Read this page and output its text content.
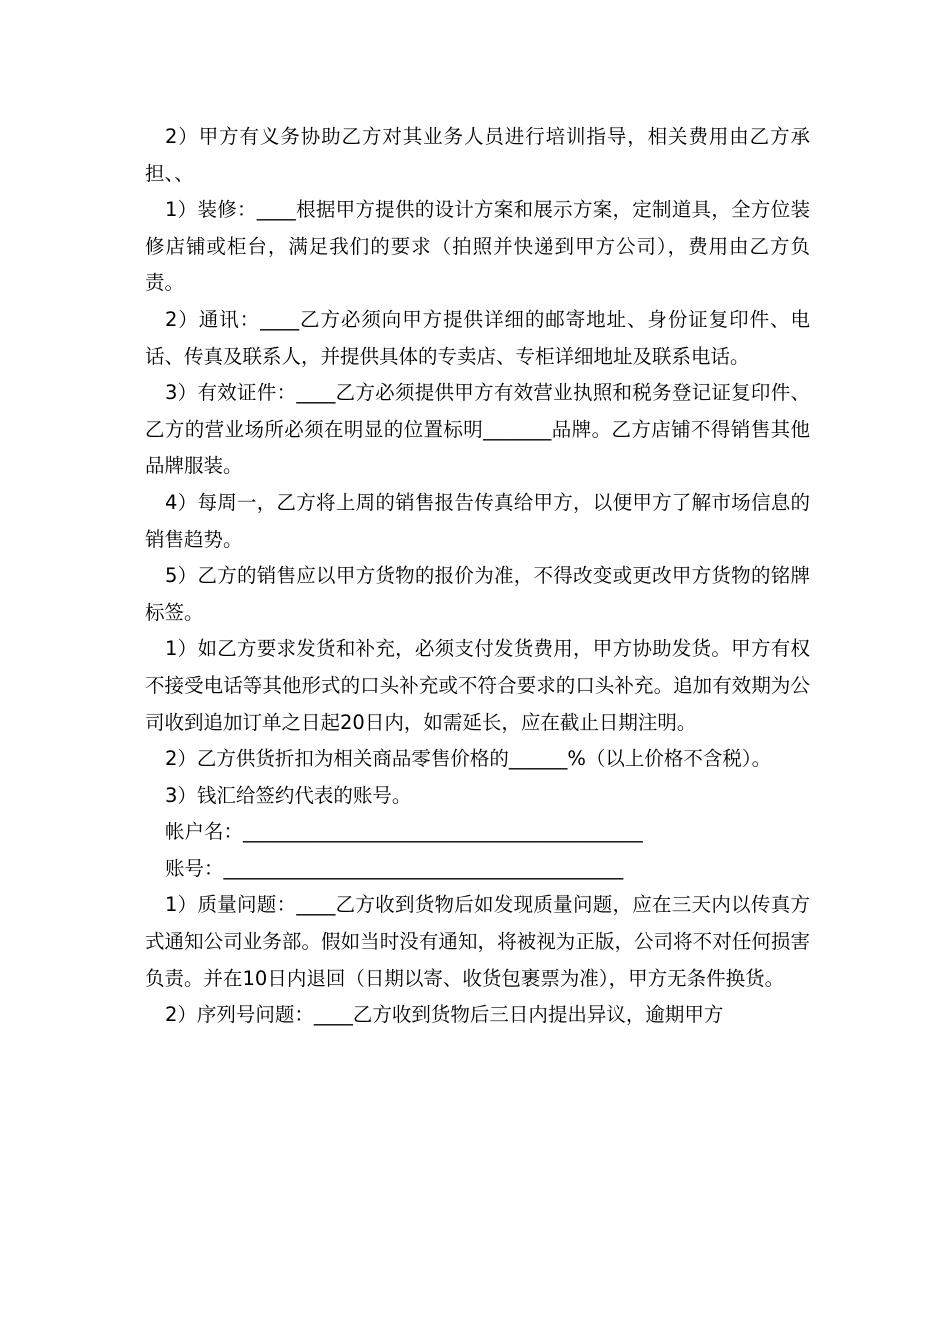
2）甲方有义务协助乙方对其业务人员进行培训指导，相关费用由乙方承担、、

1）装修：____根据甲方提供的设计方案和展示方案，定制道具，全方位装修店铺或柜台，满足我们的要求（拍照并快递到甲方公司），费用由乙方负责。

2）通讯：____乙方必须向甲方提供详细的邮寄地址、身份证复印件、电话、传真及联系人，并提供具体的专卖店、专柜详细地址及联系电话。

3）有效证件：____乙方必须提供甲方有效营业执照和税务登记证复印件、乙方的营业场所必须在明显的位置标明_______品牌。乙方店铺不得销售其他品牌服装。

4）每周一，乙方将上周的销售报告传真给甲方，以便甲方了解市场信息的销售趋势。

5）乙方的销售应以甲方货物的报价为准，不得改变或更改甲方货物的铭牌标签。

1）如乙方要求发货和补充，必须支付发货费用，甲方协助发货。甲方有权不接受电话等其他形式的口头补充或不符合要求的口头补充。追加有效期为公司收到追加订单之日起20日内，如需延长，应在截止日期注明。

2）乙方供货折扣为相关商品零售价格的______%（以上价格不含税）。

3）钱汇给签约代表的账号。

帐户名：_________________________________________

账号：_________________________________________

1）质量问题：____乙方收到货物后如发现质量问题，应在三天内以传真方式通知公司业务部。假如当时没有通知，将被视为正版，公司将不对任何损害负责。并在10日内退回（日期以寄、收货包裹票为准），甲方无条件换货。

2）序列号问题：____乙方收到货物后三日内提出异议，逾期甲方
